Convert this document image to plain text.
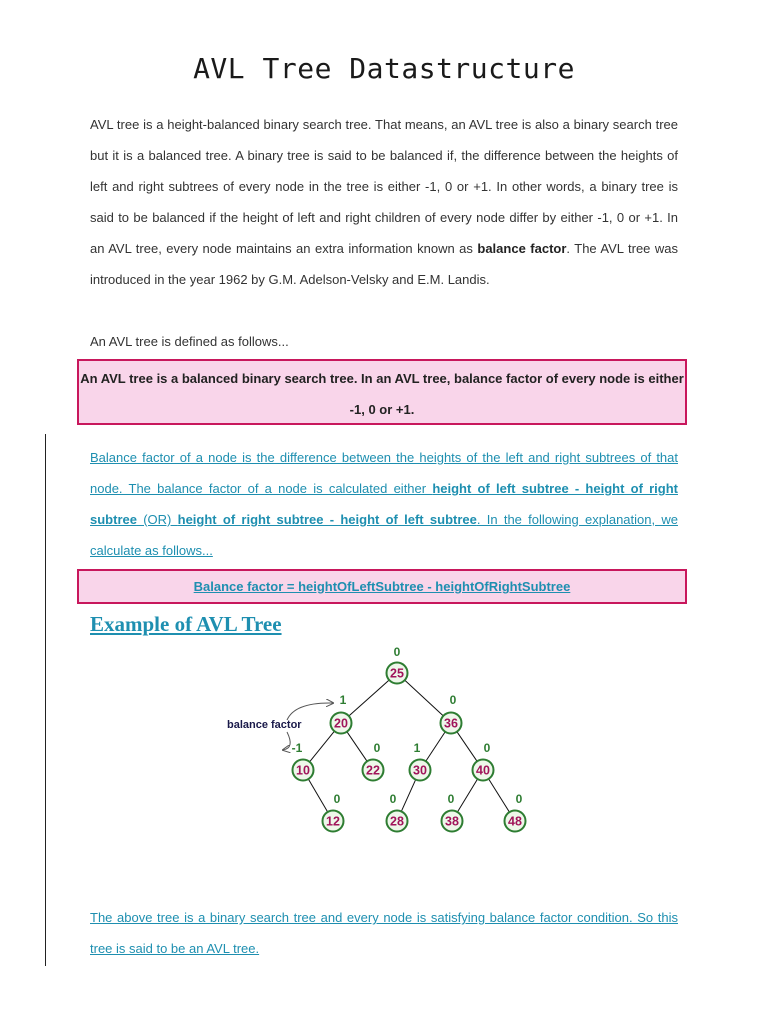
AVL Tree Datastructure

AVL tree is a height-balanced binary search tree. That means, an AVL tree is also a binary search tree but it is a balanced tree. A binary tree is said to be balanced if, the difference between the heights of left and right subtrees of every node in the tree is either -1, 0 or +1. In other words, a binary tree is said to be balanced if the height of left and right children of every node differ by either -1, 0 or +1. In an AVL tree, every node maintains an extra information known as balance factor. The AVL tree was introduced in the year 1962 by G.M. Adelson-Velsky and E.M. Landis.

An AVL tree is defined as follows...

An AVL tree is a balanced binary search tree. In an AVL tree, balance factor of every node is either -1, 0 or +1.

Balance factor of a node is the difference between the heights of the left and right subtrees of that node. The balance factor of a node is calculated either height of left subtree - height of right subtree (OR) height of right subtree - height of left subtree. In the following explanation, we calculate as follows...

Balance factor = heightOfLeftSubtree - heightOfRightSubtree
Example of AVL Tree
balance factor
25
0
20
1
36
0
10
-1
22
0
30
1
40
0
12
0
28
0
38
0
48
0

The above tree is a binary search tree and every node is satisfying balance factor condition. So this tree is said to be an AVL tree.
